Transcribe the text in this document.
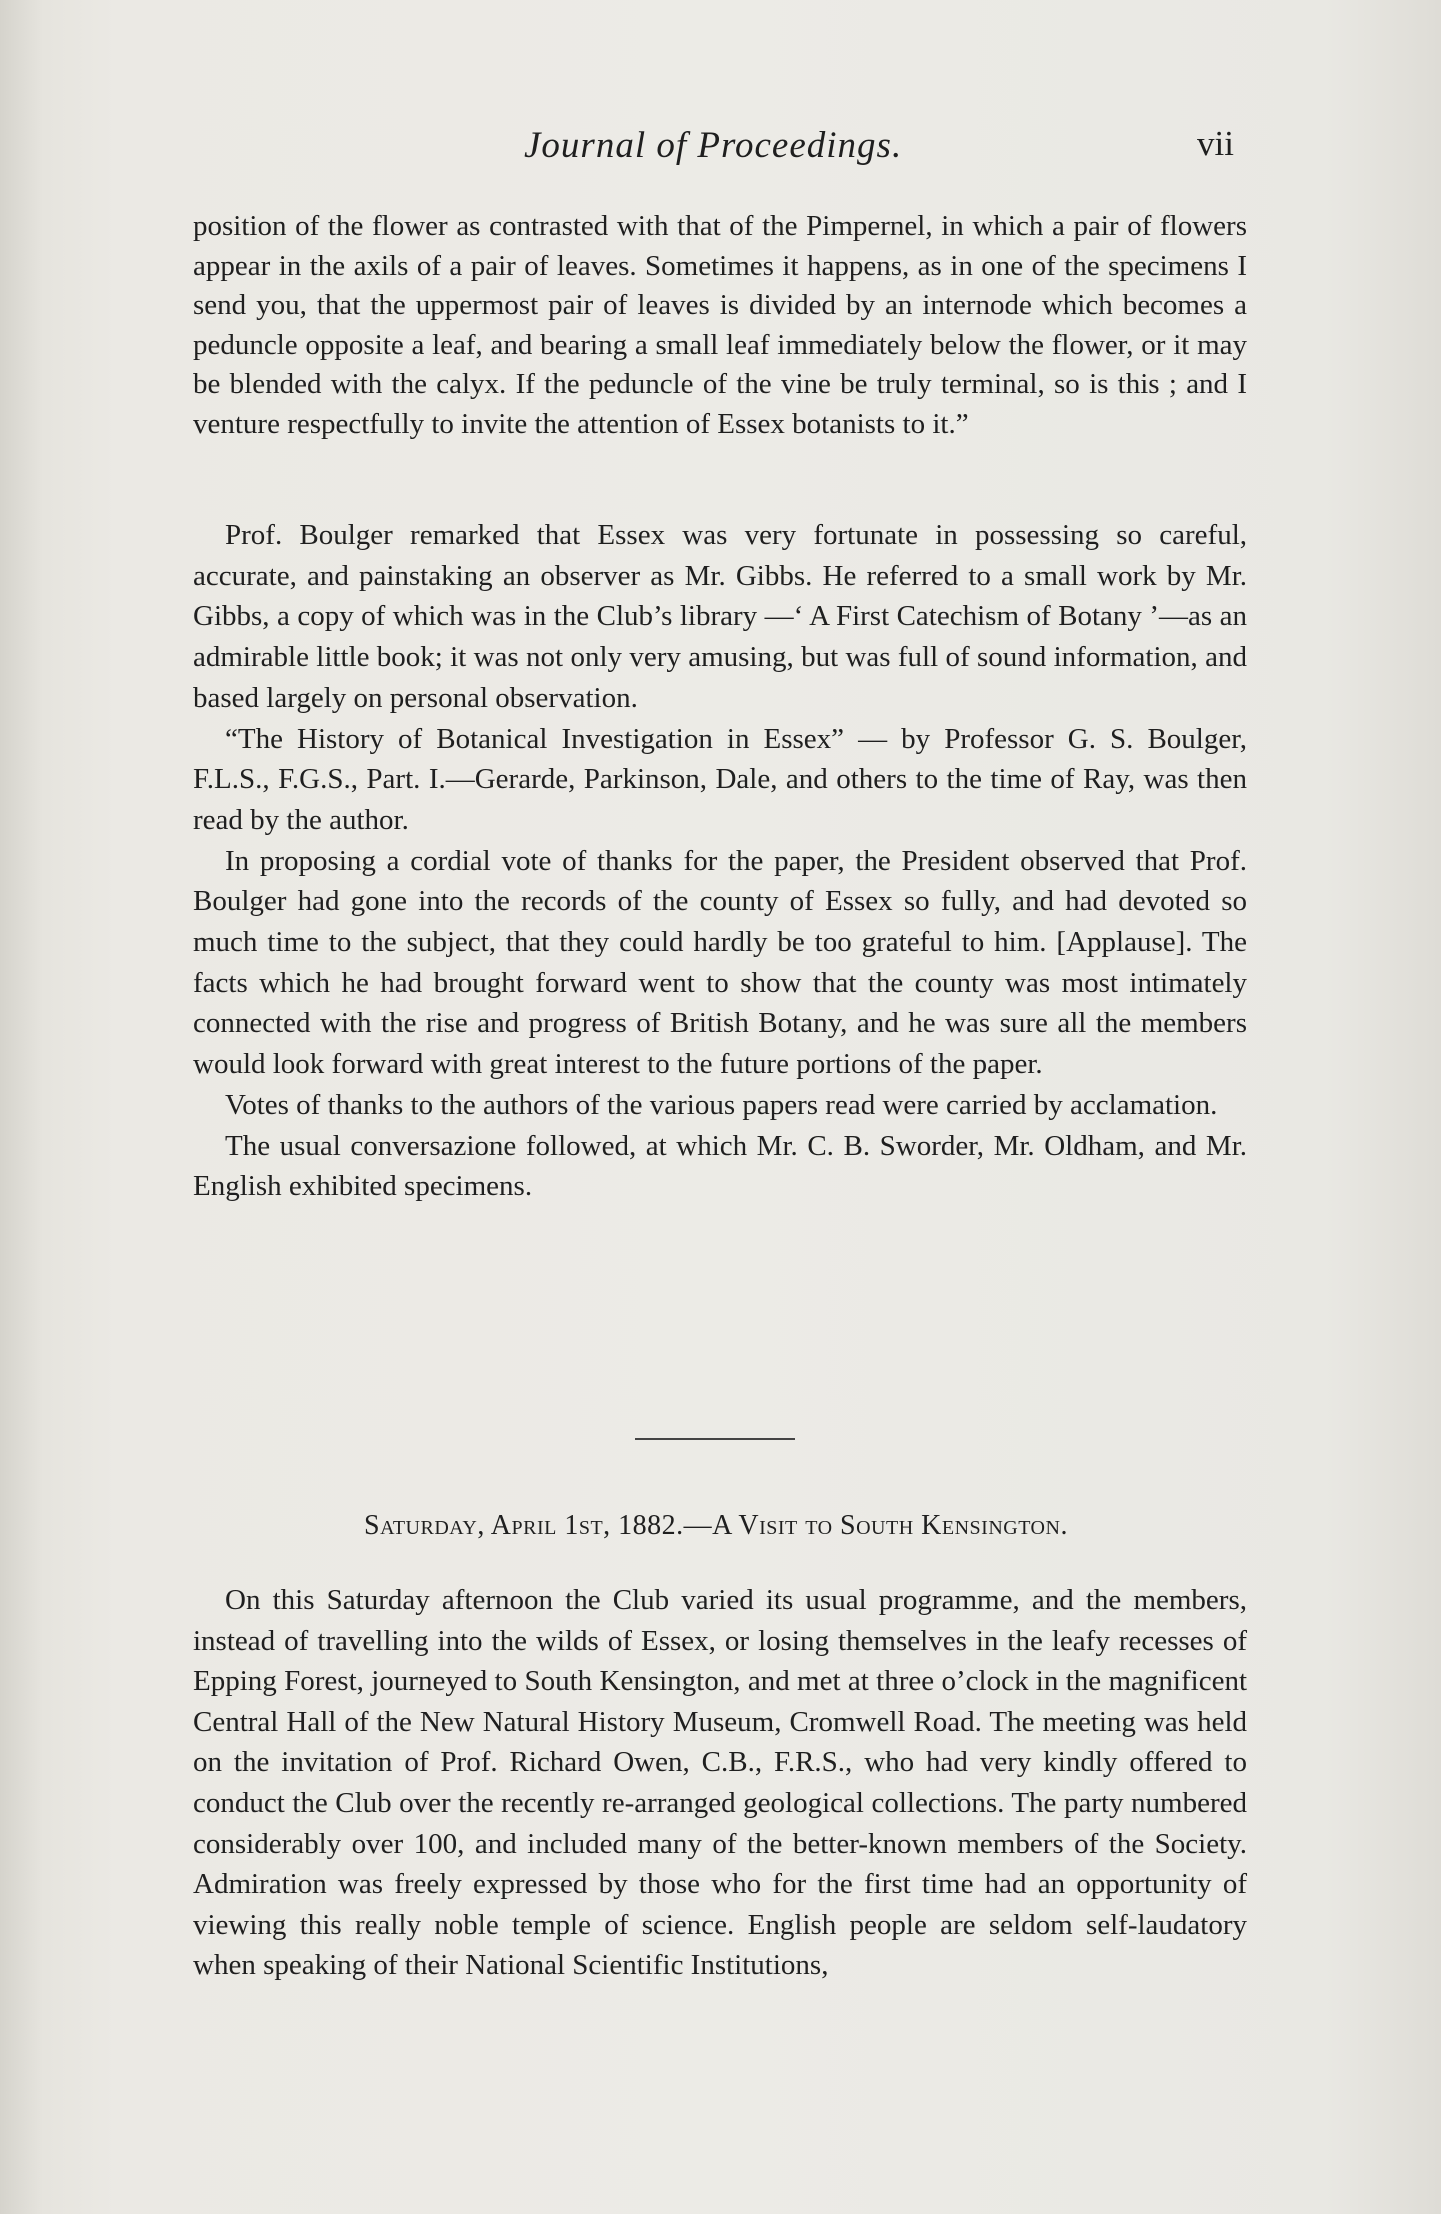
Journal of Proceedings.	vii

position of the flower as contrasted with that of the Pimpernel, in which a pair of flowers appear in the axils of a pair of leaves. Sometimes it happens, as in one of the specimens I send you, that the uppermost pair of leaves is divided by an internode which becomes a peduncle opposite a leaf, and bearing a small leaf immediately below the flower, or it may be blended with the calyx. If the peduncle of the vine be truly terminal, so is this ; and I venture respectfully to invite the attention of Essex botanists to it.”

Prof. Boulger remarked that Essex was very fortunate in possessing so careful, accurate, and painstaking an observer as Mr. Gibbs. He referred to a small work by Mr. Gibbs, a copy of which was in the Club’s library —‘ A First Catechism of Botany ’—as an admirable little book; it was not only very amusing, but was full of sound information, and based largely on personal observation.

“The History of Botanical Investigation in Essex” — by Professor G. S. Boulger, F.L.S., F.G.S., Part. I.—Gerarde, Parkinson, Dale, and others to the time of Ray, was then read by the author.

In proposing a cordial vote of thanks for the paper, the President observed that Prof. Boulger had gone into the records of the county of Essex so fully, and had devoted so much time to the subject, that they could hardly be too grateful to him. [Applause]. The facts which he had brought forward went to show that the county was most intimately connected with the rise and progress of British Botany, and he was sure all the members would look forward with great interest to the future portions of the paper.

Votes of thanks to the authors of the various papers read were carried by acclamation.

The usual conversazione followed, at which Mr. C. B. Sworder, Mr. Oldham, and Mr. English exhibited specimens.

Saturday, April 1st, 1882.—A Visit to South Kensington.

On this Saturday afternoon the Club varied its usual programme, and the members, instead of travelling into the wilds of Essex, or losing themselves in the leafy recesses of Epping Forest, journeyed to South Kensington, and met at three o’clock in the magnificent Central Hall of the New Natural History Museum, Cromwell Road. The meeting was held on the invitation of Prof. Richard Owen, C.B., F.R.S., who had very kindly offered to conduct the Club over the recently re-arranged geological collections. The party numbered considerably over 100, and included many of the better-known members of the Society. Admiration was freely expressed by those who for the first time had an opportunity of viewing this really noble temple of science. English people are seldom self-laudatory when speaking of their National Scientific Institutions,
